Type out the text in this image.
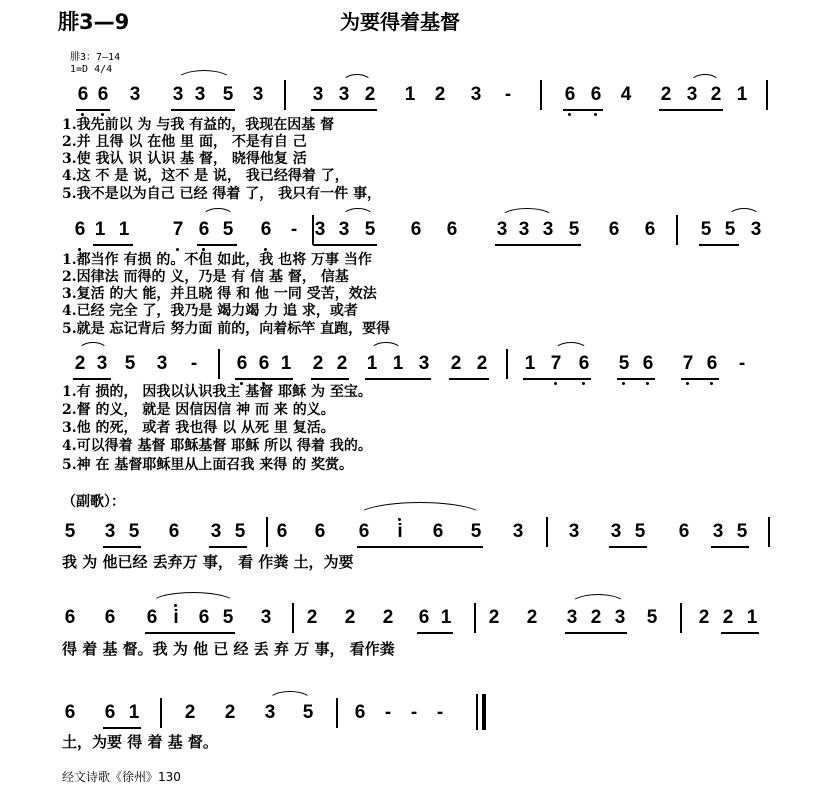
腓3—9	为要得着基督
腓3：7—14
1=D 4/4
6 6 3 3 3 5 3	3 3 2 1 2 3 -	6 6 4 2 3 2 1
1.我先前以 为 与我 有益的，我现在因基 督
2.并 且得 以 在他 里 面， 不是有自 己
3.使 我认 识 认识 基 督， 晓得他复 活
4.这 不 是 说，这不 是 说， 我已经得着 了，
5.我不是以为自己 已经 得着 了， 我只有一件 事，
6 1 1 7 6 5 6 - 3 3 5 6 6 3 3 3 5 6 6 5 5 3
1.都当作 有损 的。不但 如此，我 也将 万事 当作
2.因律法 而得的 义，乃是 有 信 基 督， 信基
3.复活 的大 能，并且晓 得 和 他 一同 受苦，效法
4.已经 完全 了，我乃是 竭力竭 力 追 求，或者
5.就是 忘记背后 努力面 前的，向着标竿 直跑，要得
2 3 5 3 - 6 6 1 2 2 1 1 3 2 2 1 7 6 5 6 7 6 -
1.有 损的， 因我以认识我主 基督 耶稣 为 至宝。
2.督 的义， 就是 因信因信 神 而 来 的义。
3.他 的死， 或者 我也得 以 从死 里 复活。
4.可以得着 基督 耶稣基督 耶稣 所以 得着 我的。
5.神 在 基督耶稣里从上面召我 来得 的 奖赏。
（副歌）：
5 3 5 6 3 5 6 6 6 i 6 5 3 3 3 5 6 3 5
我 为 他已经 丢弃万 事， 看 作粪 土，为要
6 6 6 i 6 5 3 2 2 2 6 1 2 2 3 2 3 5 2 2 1
得 着 基 督。我 为 他 已 经 丢 弃 万 事， 看作粪
6 6 1 2 2 3 5 6 - - -
土，为要 得 着 基 督。
经文诗歌《徐州》130
